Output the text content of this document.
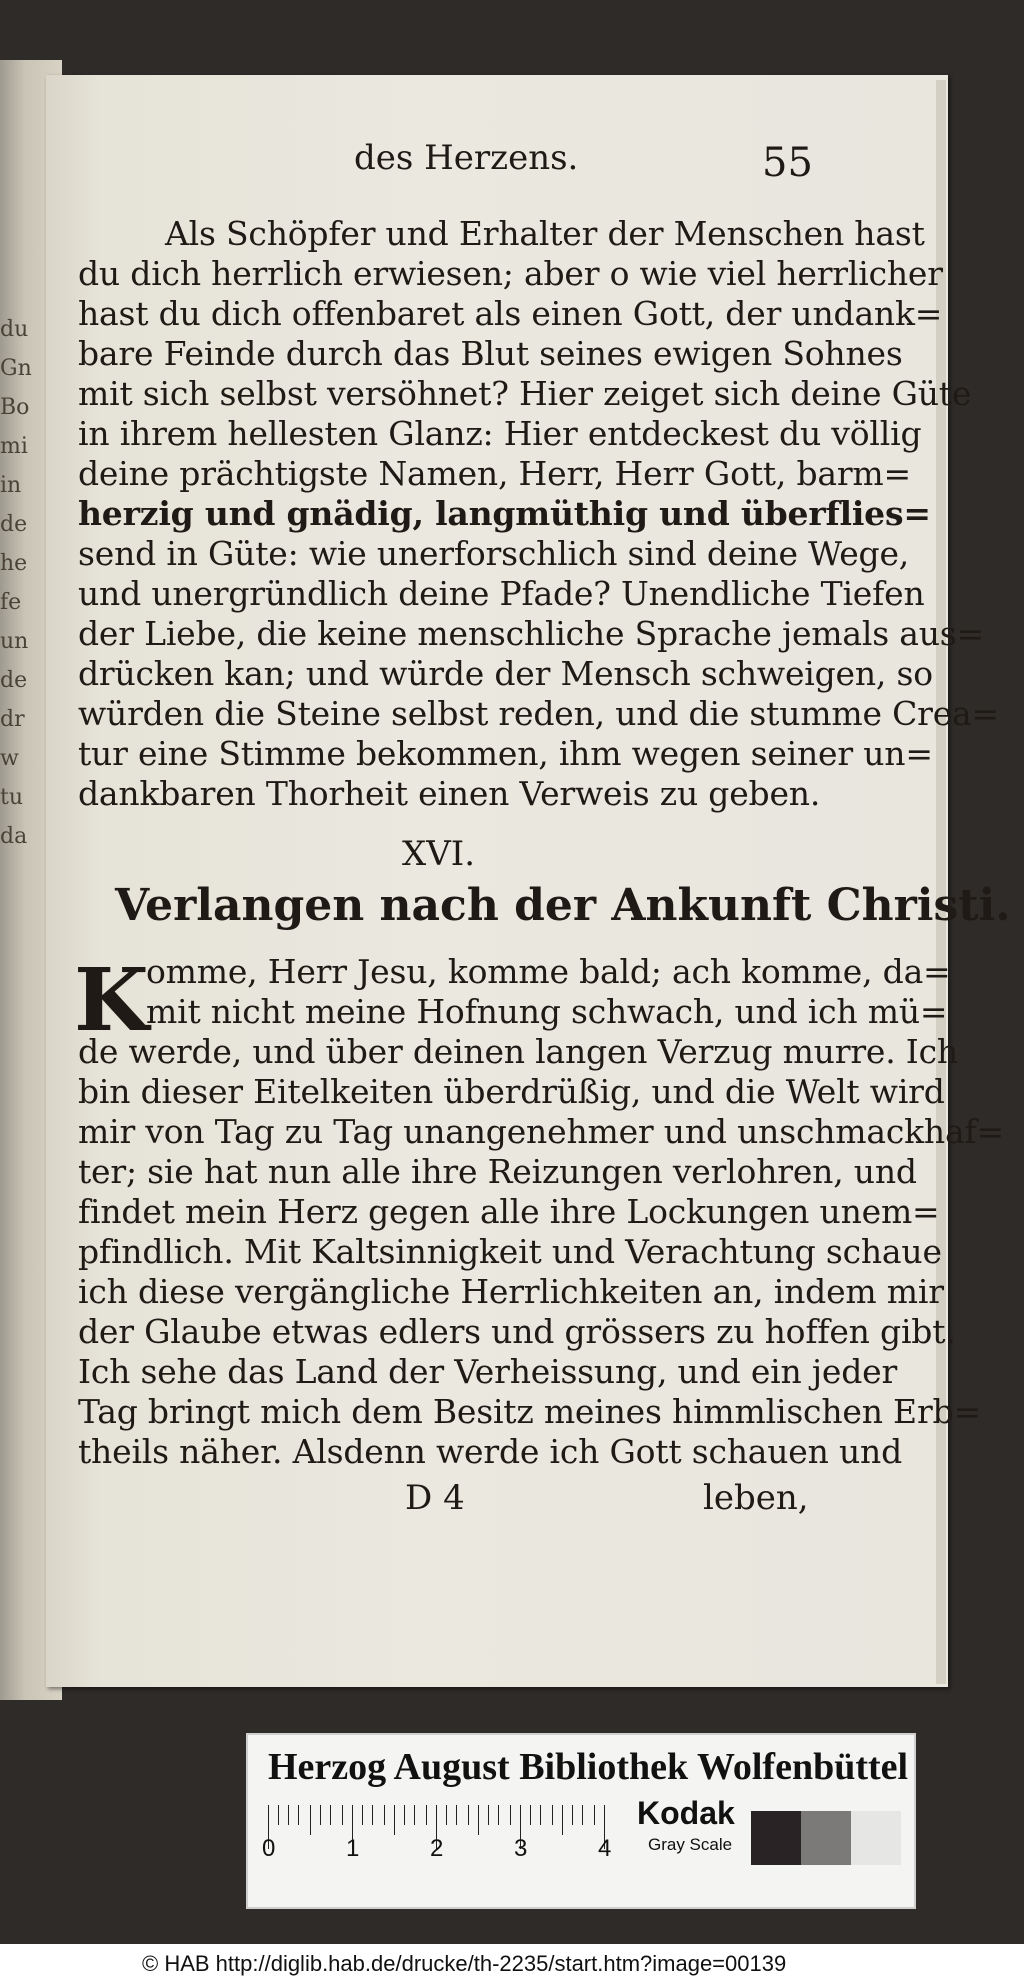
du
Gn
Bo
mi
in
de
he
fe
un
de
dr
w
tu
da
des Herzens.	55
Als Schöpfer und Erhalter der Menschen hast
du dich herrlich erwiesen; aber o wie viel herrlicher
hast du dich offenbaret als einen Gott, der undank=
bare Feinde durch das Blut seines ewigen Sohnes
mit sich selbst versöhnet? Hier zeiget sich deine Güte
in ihrem hellesten Glanz: Hier entdeckest du völlig
deine prächtigste Namen, Herr, Herr Gott, barm=
herzig und gnädig, langmüthig und überflies=
send in Güte: wie unerforschlich sind deine Wege,
und unergründlich deine Pfade? Unendliche Tiefen
der Liebe, die keine menschliche Sprache jemals aus=
drücken kan; und würde der Mensch schweigen, so
würden die Steine selbst reden, und die stumme Crea=
tur eine Stimme bekommen, ihm wegen seiner un=
dankbaren Thorheit einen Verweis zu geben.
XVI.
Verlangen nach der Ankunft Christi.
K
omme, Herr Jesu, komme bald; ach komme, da=
mit nicht meine Hofnung schwach, und ich mü=
de werde, und über deinen langen Verzug murre. Ich
bin dieser Eitelkeiten überdrüßig, und die Welt wird
mir von Tag zu Tag unangenehmer und unschmackhaf=
ter; sie hat nun alle ihre Reizungen verlohren, und
findet mein Herz gegen alle ihre Lockungen unem=
pfindlich. Mit Kaltsinnigkeit und Verachtung schaue
ich diese vergängliche Herrlichkeiten an, indem mir
der Glaube etwas edlers und grössers zu hoffen gibt.
Ich sehe das Land der Verheissung, und ein jeder
Tag bringt mich dem Besitz meines himmlischen Erb=
theils näher. Alsdenn werde ich Gott schauen und
D 4	leben,
Herzog August Bibliothek Wolfenbüttel
0	1	2	3	4
Kodak
Gray Scale
© HAB http://diglib.hab.de/drucke/th-2235/start.htm?image=00139
